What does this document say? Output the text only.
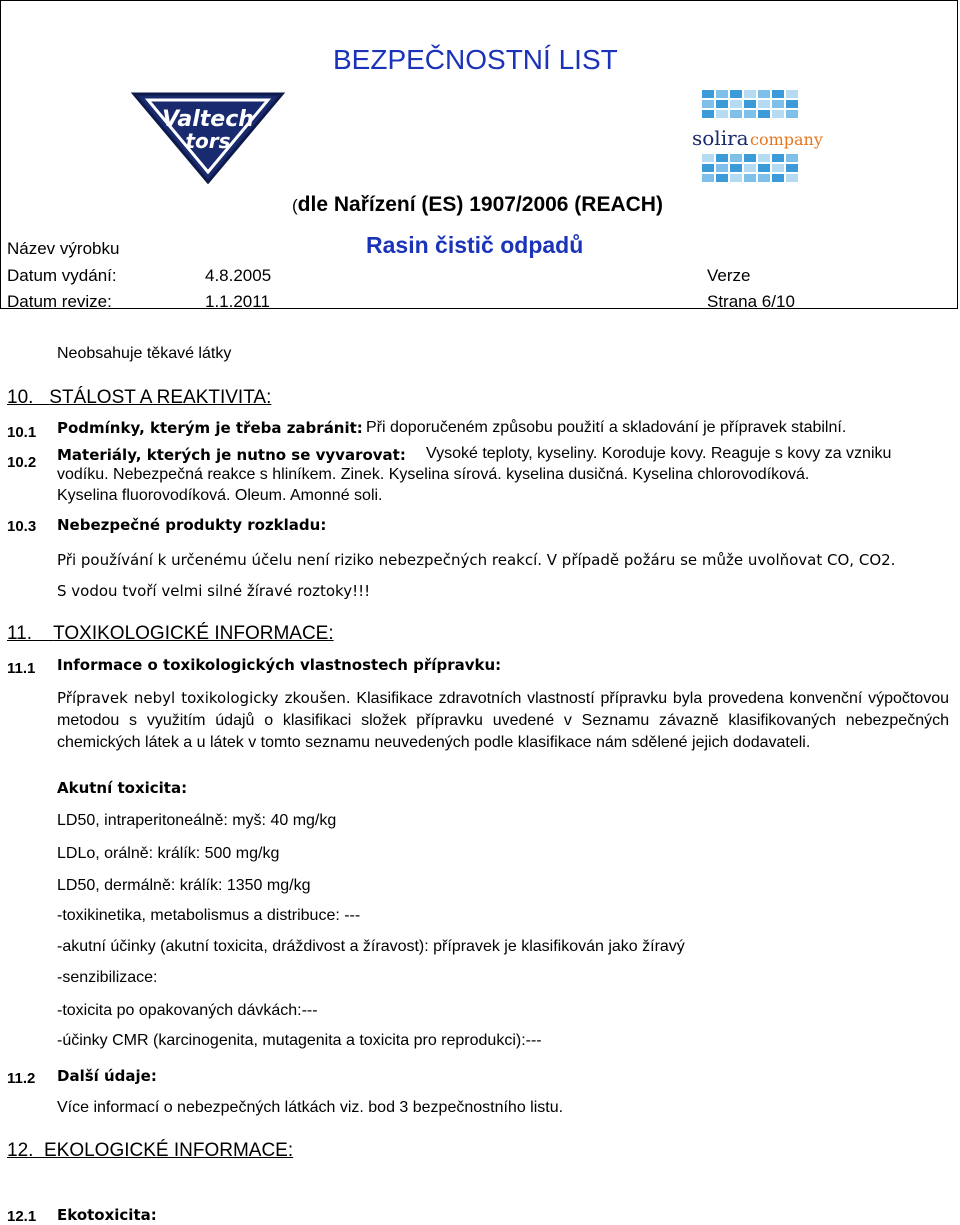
BEZPEČNOSTNÍ LIST
Valtech
tors	solira company
(dle Nařízení (ES) 1907/2006 (REACH)
Název výrobku	Rasin čistič odpadů
Datum vydání:	4.8.2005	Verze
Datum revize:	1.1.2011	Strana 6/10
Neobsahuje těkavé látky
10. STÁLOST A REAKTIVITA:
10.1 Podmínky, kterým je třeba zabránit: Při doporučeném způsobu použití a skladování je přípravek stabilní.
10.2 Materiály, kterých je nutno se vyvarovat: Vysoké teploty, kyseliny. Koroduje kovy. Reaguje s kovy za vzniku
vodíku. Nebezpečná reakce s hliníkem. Zinek. Kyselina sírová. kyselina dusičná. Kyselina chlorovodíková.
Kyselina fluorovodíková. Oleum. Amonné soli.
10.3 Nebezpečné produkty rozkladu:
Při používání k určenému účelu není riziko nebezpečných reakcí. V případě požáru se může uvolňovat CO, CO2.
S vodou tvoří velmi silné žíravé roztoky!!!
11. TOXIKOLOGICKÉ INFORMACE:
11.1 Informace o toxikologických vlastnostech přípravku:
Přípravek nebyl toxikologicky zkoušen. Klasifikace zdravotních vlastností přípravku byla provedena konvenční výpočtovou metodou s využitím údajů o klasifikaci složek přípravku uvedené v Seznamu závazně klasifikovaných nebezpečných chemických látek a u látek v tomto seznamu neuvedených podle klasifikace nám sdělené jejich dodavateli.
Akutní toxicita:
LD50, intraperitoneálně: myš: 40 mg/kg
LDLo, orálně: králík: 500 mg/kg
LD50, dermálně: králík: 1350 mg/kg
-toxikinetika, metabolismus a distribuce: ---
-akutní účinky (akutní toxicita, dráždivost a žíravost): přípravek je klasifikován jako žíravý
-senzibilizace:
-toxicita po opakovaných dávkách:---
-účinky CMR (karcinogenita, mutagenita a toxicita pro reprodukci):---
11.2 Další údaje:
Více informací o nebezpečných látkách viz. bod 3 bezpečnostního listu.
12. EKOLOGICKÉ INFORMACE:
12.1 Ekotoxicita:
